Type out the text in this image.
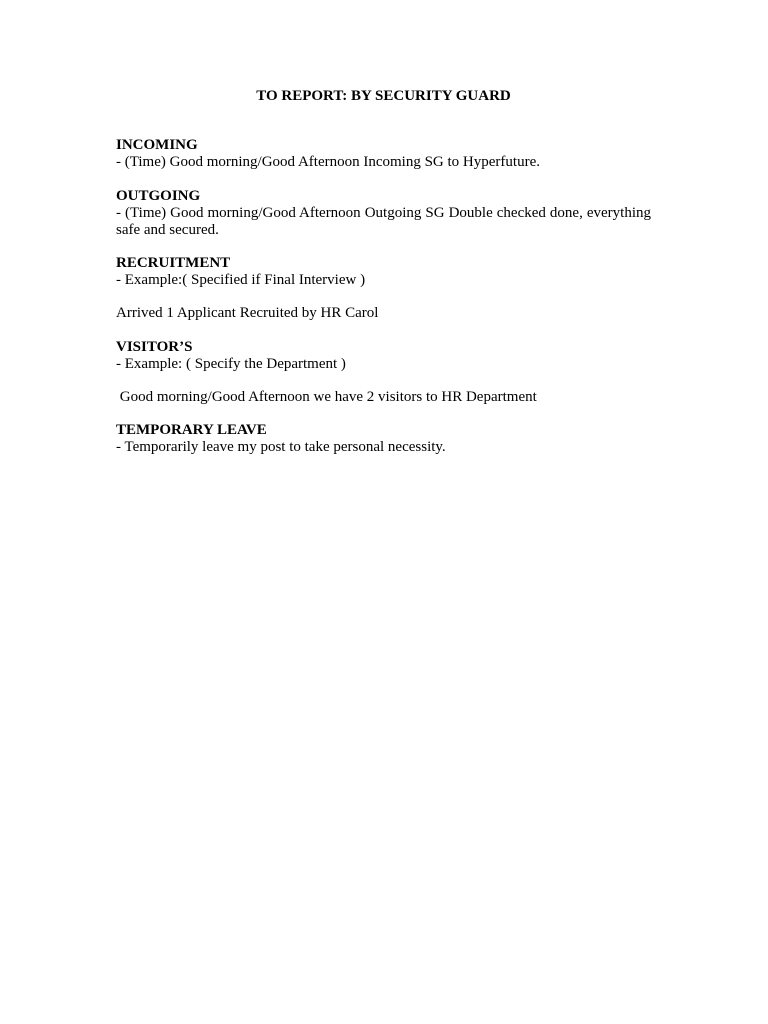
TO REPORT: BY SECURITY GUARD

INCOMING

- (Time) Good morning/Good Afternoon Incoming SG to Hyperfuture.

OUTGOING

- (Time) Good morning/Good Afternoon Outgoing SG Double checked done, everything safe and secured.

RECRUITMENT

- Example:( Specified if Final Interview )

Arrived 1 Applicant Recruited by HR Carol

VISITOR’S

- Example: ( Specify the Department )

Good morning/Good Afternoon we have 2 visitors to HR Department

TEMPORARY LEAVE

- Temporarily leave my post to take personal necessity.
